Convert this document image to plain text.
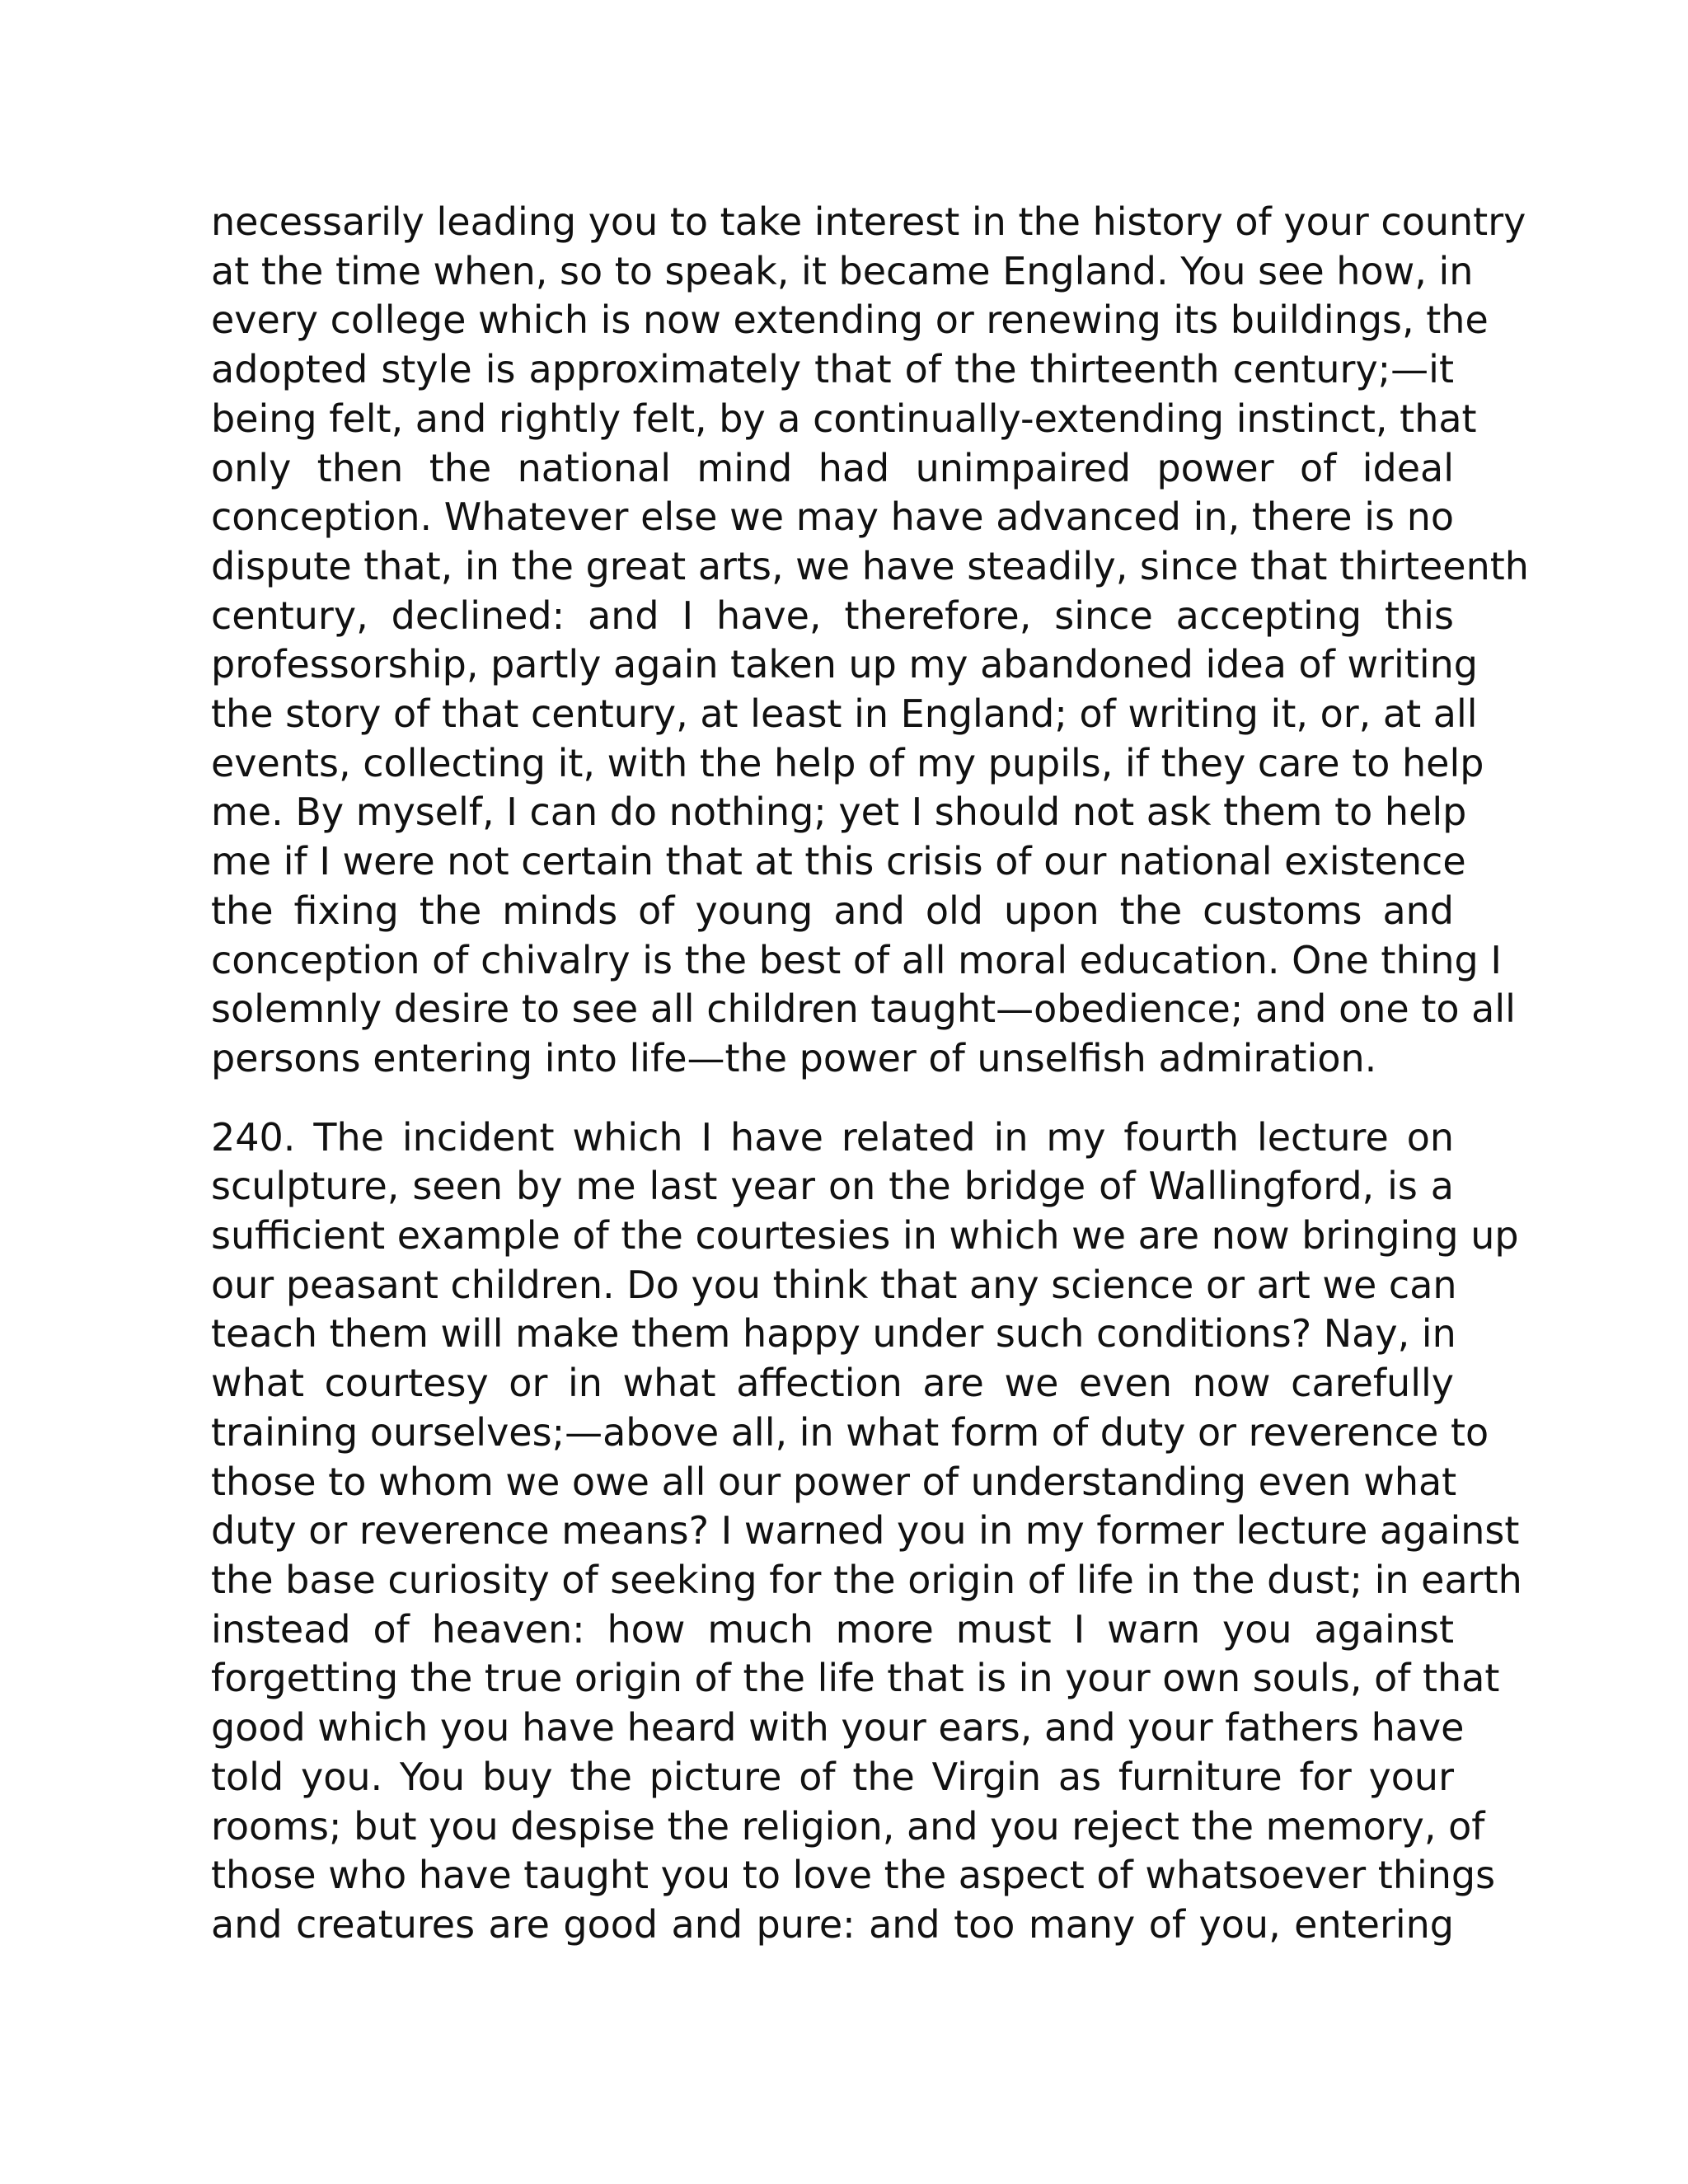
necessarily leading you to take interest in the history of your country
at the time when, so to speak, it became England. You see how, in
every college which is now extending or renewing its buildings, the
adopted style is approximately that of the thirteenth century;—it
being felt, and rightly felt, by a continually-extending instinct, that
only then the national mind had unimpaired power of ideal
conception. Whatever else we may have advanced in, there is no
dispute that, in the great arts, we have steadily, since that thirteenth
century, declined: and I have, therefore, since accepting this
professorship, partly again taken up my abandoned idea of writing
the story of that century, at least in England; of writing it, or, at all
events, collecting it, with the help of my pupils, if they care to help
me. By myself, I can do nothing; yet I should not ask them to help
me if I were not certain that at this crisis of our national existence
the fixing the minds of young and old upon the customs and
conception of chivalry is the best of all moral education. One thing I
solemnly desire to see all children taught—obedience; and one to all
persons entering into life—the power of unselfish admiration.

240. The incident which I have related in my fourth lecture on
sculpture, seen by me last year on the bridge of Wallingford, is a
sufficient example of the courtesies in which we are now bringing up
our peasant children. Do you think that any science or art we can
teach them will make them happy under such conditions? Nay, in
what courtesy or in what affection are we even now carefully
training ourselves;—above all, in what form of duty or reverence to
those to whom we owe all our power of understanding even what
duty or reverence means? I warned you in my former lecture against
the base curiosity of seeking for the origin of life in the dust; in earth
instead of heaven: how much more must I warn you against
forgetting the true origin of the life that is in your own souls, of that
good which you have heard with your ears, and your fathers have
told you. You buy the picture of the Virgin as furniture for your
rooms; but you despise the religion, and you reject the memory, of
those who have taught you to love the aspect of whatsoever things
and creatures are good and pure: and too many of you, entering
